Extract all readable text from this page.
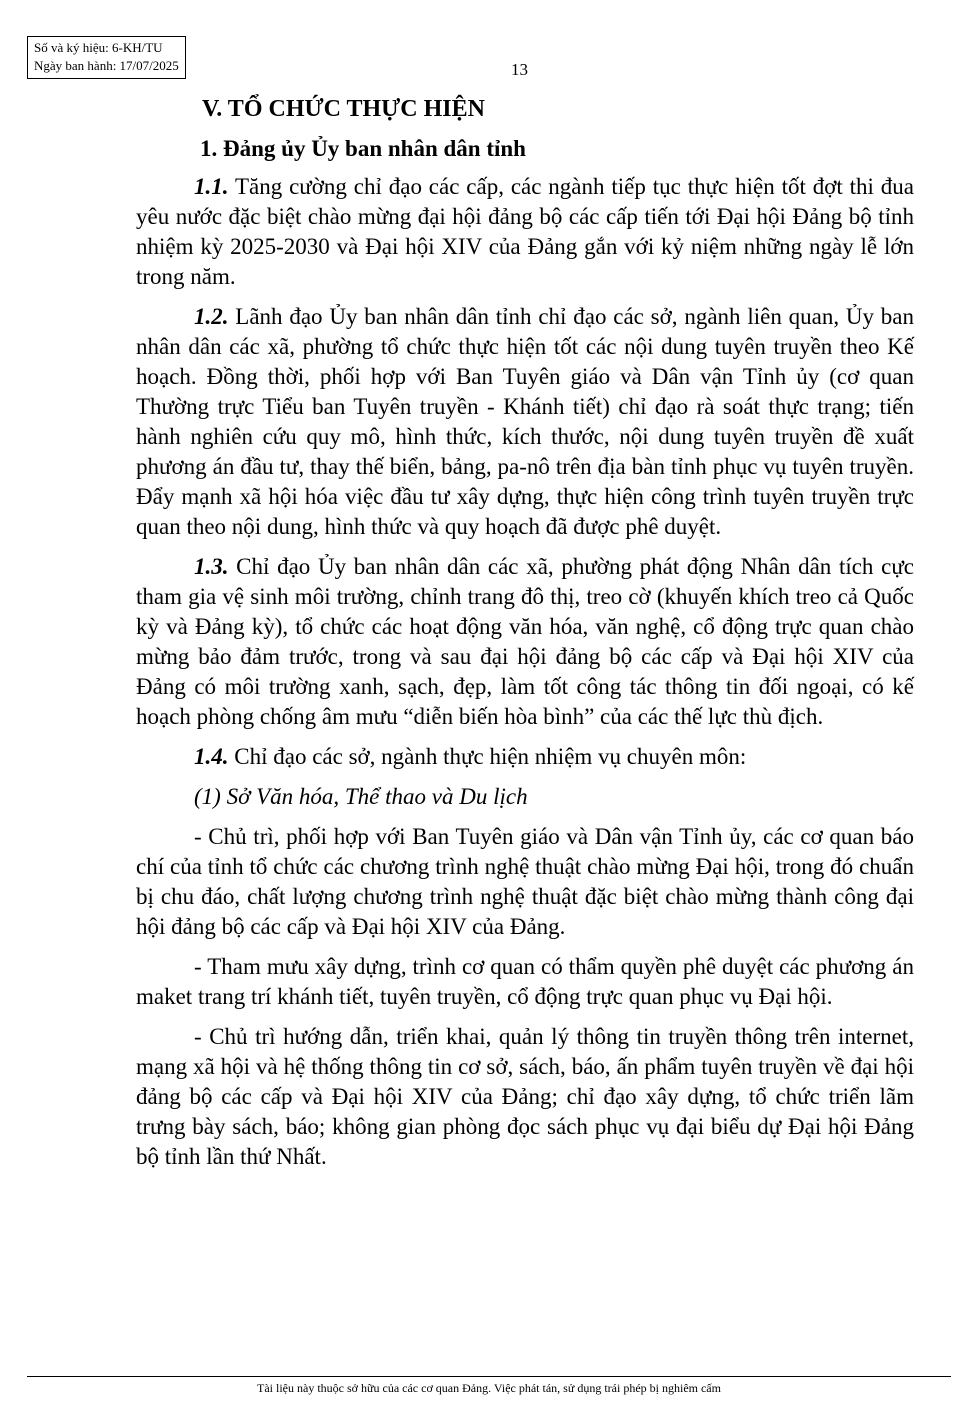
Số và ký hiệu: 6-KH/TU
Ngày ban hành: 17/07/2025	13
V. TỔ CHỨC THỰC HIỆN
1. Đảng ủy Ủy ban nhân dân tỉnh

1.1. Tăng cường chỉ đạo các cấp, các ngành tiếp tục thực hiện tốt đợt thi đua yêu nước đặc biệt chào mừng đại hội đảng bộ các cấp tiến tới Đại hội Đảng bộ tỉnh nhiệm kỳ 2025-2030 và Đại hội XIV của Đảng gắn với kỷ niệm những ngày lễ lớn trong năm.

1.2. Lãnh đạo Ủy ban nhân dân tỉnh chỉ đạo các sở, ngành liên quan, Ủy ban nhân dân các xã, phường tổ chức thực hiện tốt các nội dung tuyên truyền theo Kế hoạch. Đồng thời, phối hợp với Ban Tuyên giáo và Dân vận Tỉnh ủy (cơ quan Thường trực Tiểu ban Tuyên truyền - Khánh tiết) chỉ đạo rà soát thực trạng; tiến hành nghiên cứu quy mô, hình thức, kích thước, nội dung tuyên truyền đề xuất phương án đầu tư, thay thế biển, bảng, pa-nô trên địa bàn tỉnh phục vụ tuyên truyền. Đẩy mạnh xã hội hóa việc đầu tư xây dựng, thực hiện công trình tuyên truyền trực quan theo nội dung, hình thức và quy hoạch đã được phê duyệt.

1.3. Chỉ đạo Ủy ban nhân dân các xã, phường phát động Nhân dân tích cực tham gia vệ sinh môi trường, chỉnh trang đô thị, treo cờ (khuyến khích treo cả Quốc kỳ và Đảng kỳ), tổ chức các hoạt động văn hóa, văn nghệ, cổ động trực quan chào mừng bảo đảm trước, trong và sau đại hội đảng bộ các cấp và Đại hội XIV của Đảng có môi trường xanh, sạch, đẹp, làm tốt công tác thông tin đối ngoại, có kế hoạch phòng chống âm mưu “diễn biến hòa bình” của các thế lực thù địch.

1.4. Chỉ đạo các sở, ngành thực hiện nhiệm vụ chuyên môn:

(1) Sở Văn hóa, Thể thao và Du lịch

- Chủ trì, phối hợp với Ban Tuyên giáo và Dân vận Tỉnh ủy, các cơ quan báo chí của tỉnh tổ chức các chương trình nghệ thuật chào mừng Đại hội, trong đó chuẩn bị chu đáo, chất lượng chương trình nghệ thuật đặc biệt chào mừng thành công đại hội đảng bộ các cấp và Đại hội XIV của Đảng.

- Tham mưu xây dựng, trình cơ quan có thẩm quyền phê duyệt các phương án maket trang trí khánh tiết, tuyên truyền, cổ động trực quan phục vụ Đại hội.

- Chủ trì hướng dẫn, triển khai, quản lý thông tin truyền thông trên internet, mạng xã hội và hệ thống thông tin cơ sở, sách, báo, ấn phẩm tuyên truyền về đại hội đảng bộ các cấp và Đại hội XIV của Đảng; chỉ đạo xây dựng, tổ chức triển lãm trưng bày sách, báo; không gian phòng đọc sách phục vụ đại biểu dự Đại hội Đảng bộ tỉnh lần thứ Nhất.

Tài liệu này thuộc sở hữu của các cơ quan Đảng. Việc phát tán, sử dụng trái phép bị nghiêm cấm
